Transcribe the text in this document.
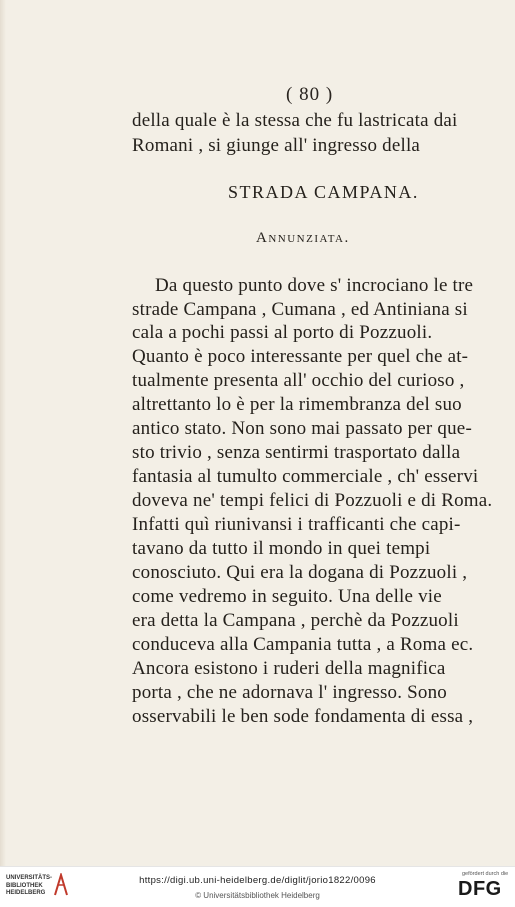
( 80 )
della quale è la stessa che fu lastricata dai
Romani , si giunge all' ingresso della
STRADA CAMPANA.
Annunziata.
Da questo punto dove s' incrociano le tre
strade Campana , Cumana , ed Antiniana si
cala a pochi passi al porto di Pozzuoli.
Quanto è poco interessante per quel che at-
tualmente presenta all' occhio del curioso ,
altrettanto lo è per la rimembranza del suo
antico stato. Non sono mai passato per que-
sto trivio , senza sentirmi trasportato dalla
fantasia al tumulto commerciale , ch' esservi
doveva ne' tempi felici di Pozzuoli e di Roma.
Infatti quì riunivansi i trafficanti che capi-
tavano da tutto il mondo in quei tempi
conosciuto. Qui era la dogana di Pozzuoli ,
come vedremo in seguito. Una delle vie
era detta la Campana , perchè da Pozzuoli
conduceva alla Campania tutta , a Roma ec.
Ancora esistono i ruderi della magnifica
porta , che ne adornava l' ingresso. Sono
osservabili le ben sode fondamenta di essa ,
UNIVERSITÄTS-
BIBLIOTHEK
HEIDELBERG
https://digi.ub.uni-heidelberg.de/diglit/jorio1822/0096
© Universitätsbibliothek Heidelberg
gefördert durch die
DFG
